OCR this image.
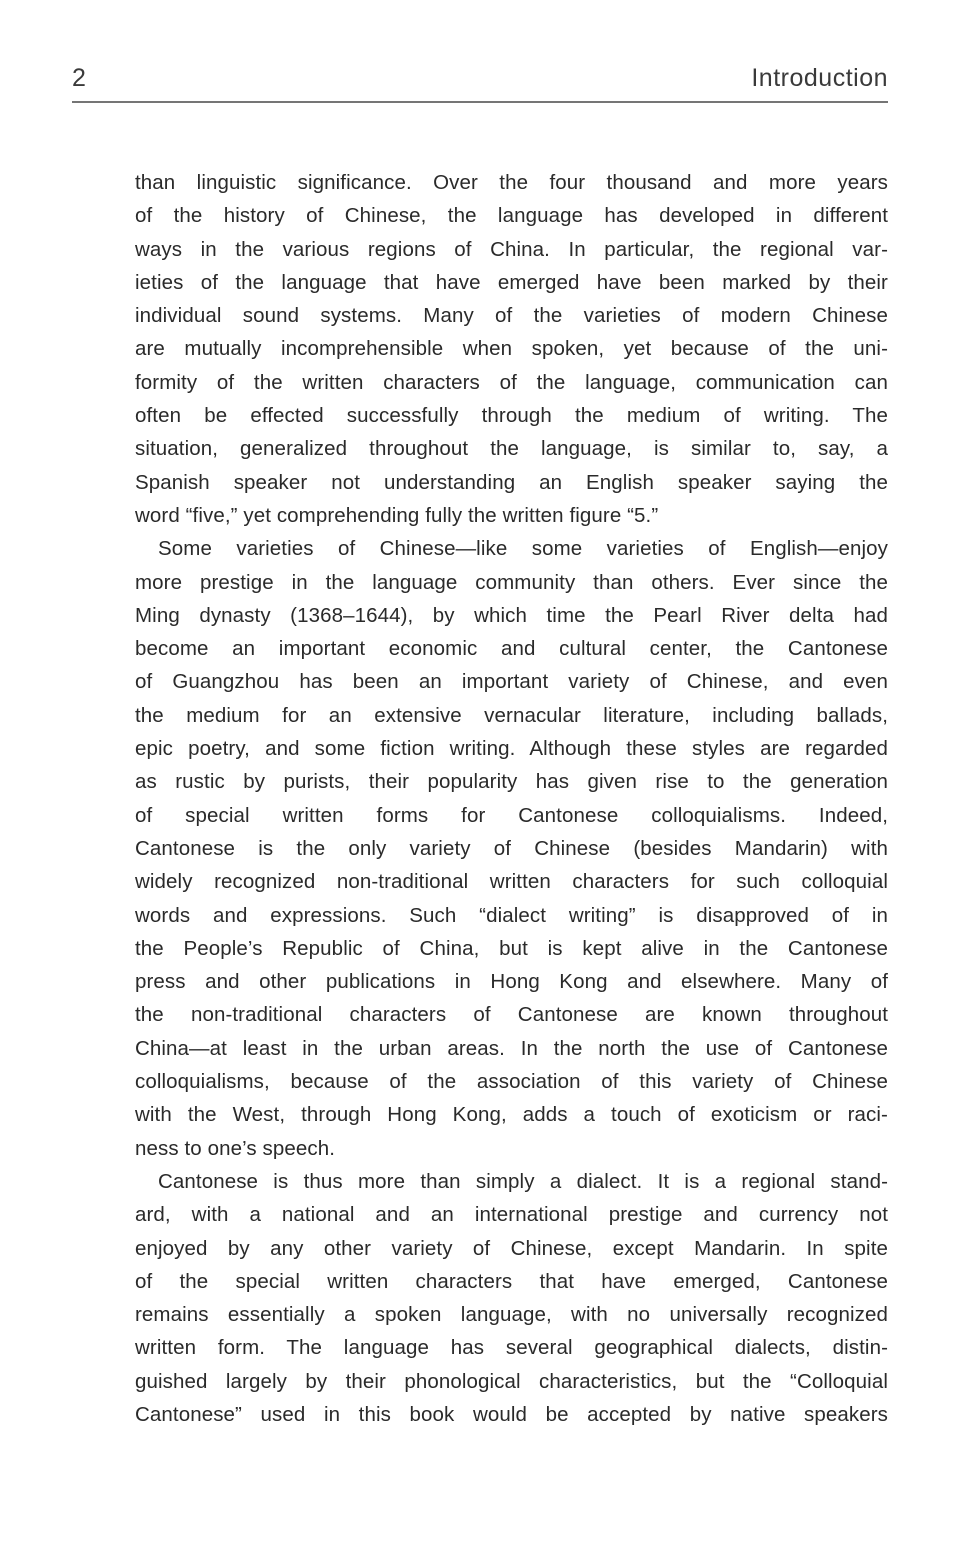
2	Introduction
than linguistic significance. Over the four thousand and more years
of the history of Chinese, the language has developed in different
ways in the various regions of China. In particular, the regional var-
ieties of the language that have emerged have been marked by their
individual sound systems. Many of the varieties of modern Chinese
are mutually incomprehensible when spoken, yet because of the uni-
formity of the written characters of the language, communication can
often be effected successfully through the medium of writing. The
situation, generalized throughout the language, is similar to, say, a
Spanish speaker not understanding an English speaker saying the
word “five,” yet comprehending fully the written figure “5.”
Some varieties of Chinese—like some varieties of English—enjoy
more prestige in the language community than others. Ever since the
Ming dynasty (1368–1644), by which time the Pearl River delta had
become an important economic and cultural center, the Cantonese
of Guangzhou has been an important variety of Chinese, and even
the medium for an extensive vernacular literature, including ballads,
epic poetry, and some fiction writing. Although these styles are regarded
as rustic by purists, their popularity has given rise to the generation
of special written forms for Cantonese colloquialisms. Indeed,
Cantonese is the only variety of Chinese (besides Mandarin) with
widely recognized non-traditional written characters for such colloquial
words and expressions. Such “dialect writing” is disapproved of in
the People’s Republic of China, but is kept alive in the Cantonese
press and other publications in Hong Kong and elsewhere. Many of
the non-traditional characters of Cantonese are known throughout
China—at least in the urban areas. In the north the use of Cantonese
colloquialisms, because of the association of this variety of Chinese
with the West, through Hong Kong, adds a touch of exoticism or raci-
ness to one’s speech.
Cantonese is thus more than simply a dialect. It is a regional stand-
ard, with a national and an international prestige and currency not
enjoyed by any other variety of Chinese, except Mandarin. In spite
of the special written characters that have emerged, Cantonese
remains essentially a spoken language, with no universally recognized
written form. The language has several geographical dialects, distin-
guished largely by their phonological characteristics, but the “Colloquial
Cantonese” used in this book would be accepted by native speakers
